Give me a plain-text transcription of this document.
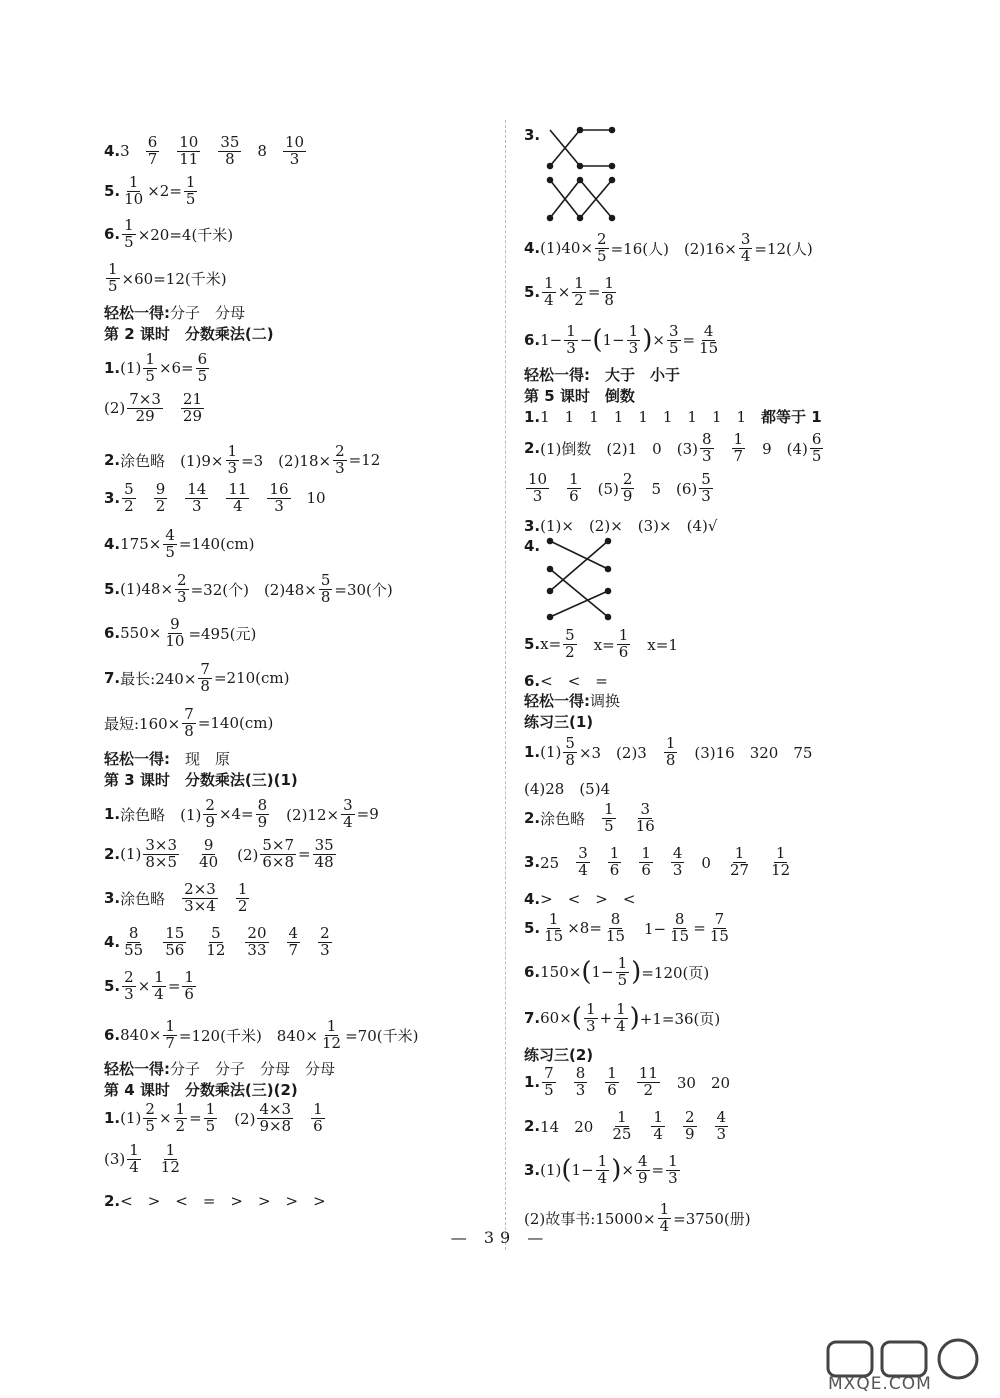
4. $3 \frac{6}{7} \frac{10}{11} \frac{35}{8} 8 \frac{10}{3}$
5. $\frac{1}{10} \times 2= \frac{1}{5}$
6. $\frac{1}{5} \times 20=4$(千米)
$\frac{1}{5} \times 60=12$(千米)
轻松一得: 分子　分母
第 2 课时　分数乘法(二)
1. $(1) \frac{1}{5} \times 6= \frac{6}{5}$
$(2) \frac{7\times 3}{29} \frac{21}{29}$
2. 涂色略　$(1)9\times \frac{1}{3} =3$　$(2)18\times \frac{2}{3} =12$
3. $\frac{5}{2} \frac{9}{2} \frac{14}{3} \frac{11}{4} \frac{16}{3} 10$
4. $175\times \frac{4}{5} =140(cm)$
5. $(1)48\times \frac{2}{3} =32$(个)　$(2)48\times \frac{5}{8} =30$(个)
6. $550\times \frac{9}{10} =495$(元)
7. 最长:240× $\frac{7}{8} =210(cm)$
最短:160× $\frac{7}{8} =140(cm)$
轻松一得: 　现　原
第 3 课时　分数乘法(三)(1)
1. 涂色略　$(1) \frac{2}{9} \times 4= \frac{8}{9}$ 　$(2)12\times \frac{3}{4} =9$
2. $(1) \frac{3\times 3}{8\times 5} \frac{9}{40}$ 　$(2) \frac{5\times 7}{6\times 8} = \frac{35}{48}$
3. 涂色略　 $\frac{2\times 3}{3\times 4} \frac{1}{2}$
4. $\frac{8}{55} \frac{15}{56} \frac{5}{12} \frac{20}{33} \frac{4}{7} \frac{2}{3}$
5. $\frac{2}{3} \times \frac{1}{4} = \frac{1}{6}$
6. $840\times \frac{1}{7} =120$(千米)　$840\times \frac{1}{12} =70$(千米)
轻松一得: 分子　分子　分母　分母
第 4 课时　分数乘法(三)(2)
1. $(1) \frac{2}{5} \times \frac{1}{2} = \frac{1}{5}$ 　$(2) \frac{4\times 3}{9\times 8} \frac{1}{6}$
$(3) \frac{1}{4} \frac{1}{12}$
2. <　>　<　=　>　>　>　>
3.
4. $(1)40\times \frac{2}{5} =16$(人)　$(2)16\times \frac{3}{4} =12$(人)
5. $\frac{1}{4} \times \frac{1}{2} = \frac{1}{8}$
6. $1- \frac{1}{3}$ − ( $1- \frac{1}{3}$ ) × $\frac{3}{5} = \frac{4}{15}$
轻松一得:　大于　小于
第 5 课时　倒数
1. 1　1　1　1　1　1　1　1　1　 都等于 1
2. (1)倒数　(2)1　0　$(3) \frac{8}{3} \frac{1}{7}$ 　9　$(4) \frac{6}{5}$
$\frac{10}{3} \frac{1}{6}$ 　$(5) \frac{2}{9}$ 　5　$(6) \frac{5}{3}$
3. (1)×　(2)×　(3)×　(4)√
4.
5. $x= \frac{5}{2}$ 　$x= \frac{1}{6}$ 　x=1
6. <　<　=
轻松一得: 调换
练习三(1)
1. $(1) \frac{5}{8} \times 3$　(2)3　 $\frac{1}{8}$ 　(3)16　320　75
(4)28　(5)4
2. 涂色略　 $\frac{1}{5} \frac{3}{16}$
3. 25　 $\frac{3}{4} \frac{1}{6} \frac{1}{6} \frac{4}{3}$ 　0　 $\frac{1}{27} \frac{1}{12}$
4. >　<　>　<
5. $\frac{1}{15} \times 8= \frac{8}{15}$ 　$1- \frac{8}{15} = \frac{7}{15}$
6. 150× ( $1- \frac{1}{5}$ ) =120(页)
7. 60× ( $\frac{1}{3} + \frac{1}{4}$ ) +1=36(页)
练习三(2)
1. $\frac{7}{5} \frac{8}{3} \frac{1}{6} \frac{11}{2}$ 　30　20
2. 14　20　 $\frac{1}{25} \frac{1}{4} \frac{2}{9} \frac{4}{3}$
3. (1) ( $1- \frac{1}{4}$ ) × $\frac{4}{9} = \frac{1}{3}$
(2)故事书:15000× $\frac{1}{4} =3750$(册)
— 39 —
MXQE.COM
